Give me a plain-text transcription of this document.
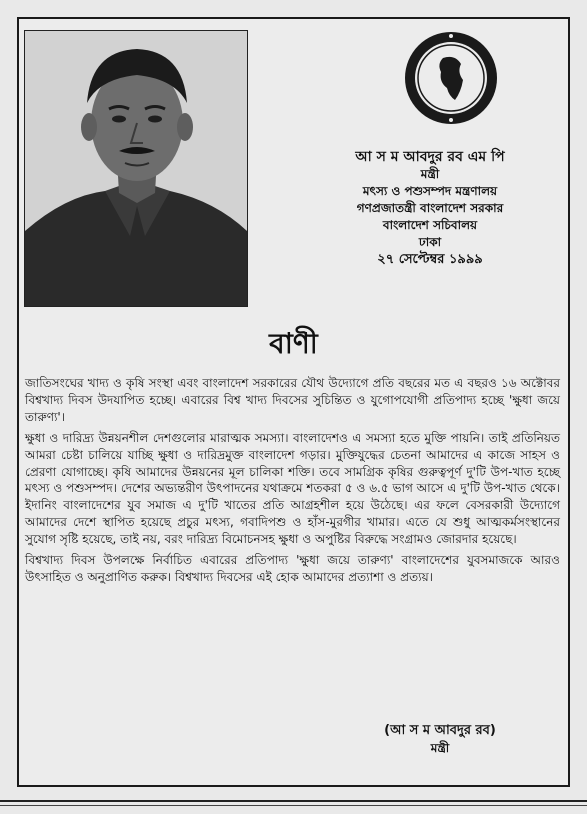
আ স ম আবদুর রব এম পি

মন্ত্রী

মৎস্য ও পশুসম্পদ মন্ত্রণালয়

গণপ্রজাতন্ত্রী বাংলাদেশ সরকার

বাংলাদেশ সচিবালয়

ঢাকা

২৭ সেপ্টেম্বর ১৯৯৯

বাণী

জাতিসংঘের খাদ্য ও কৃষি সংস্থা এবং বাংলাদেশ সরকারের যৌথ উদ্যোগে প্রতি বছরের মত এ বছরও ১৬ অক্টোবর বিশ্বখাদ্য দিবস উদযাপিত হচ্ছে। এবারের বিশ্ব খাদ্য দিবসের সুচিন্তিত ও যুগোপযোগী প্রতিপাদ্য হচ্ছে 'ক্ষুধা জয়ে তারুণ্য'।

ক্ষুধা ও দারিদ্র্য উন্নয়নশীল দেশগুলোর মারাত্মক সমস্যা। বাংলাদেশও এ সমস্যা হতে মুক্তি পায়নি। তাই প্রতিনিয়ত আমরা চেষ্টা চালিয়ে যাচ্ছি ক্ষুধা ও দারিদ্রমুক্ত বাংলাদেশ গড়ার। মুক্তিযুদ্ধের চেতনা আমাদের এ কাজে সাহস ও প্রেরণা যোগাচ্ছে। কৃষি আমাদের উন্নয়নের মূল চালিকা শক্তি। তবে সামগ্রিক কৃষির গুরুত্বপূর্ণ দু'টি উপ-খাত হচ্ছে মৎস্য ও পশুসম্পদ। দেশের অভ্যন্তরীণ উৎপাদনের যথাক্রমে শতকরা ৫ ও ৬.৫ ভাগ আসে এ দু'টি উপ-খাত থেকে। ইদানিং বাংলাদেশের যুব সমাজ এ দু'টি খাতের প্রতি আগ্রহশীল হয়ে উঠেছে। এর ফলে বেসরকারী উদ্যোগে আমাদের দেশে স্থাপিত হয়েছে প্রচুর মৎস্য, গবাদিপশু ও হাঁস-মুরগীর খামার। এতে যে শুধু আত্মকর্মসংস্থানের সুযোগ সৃষ্টি হয়েছে, তাই নয়, বরং দারিদ্র্য বিমোচনসহ ক্ষুধা ও অপুষ্টির বিরুদ্ধে সংগ্রামও জোরদার হয়েছে।

বিশ্বখাদ্য দিবস উপলক্ষে নির্বাচিত এবারের প্রতিপাদ্য 'ক্ষুধা জয়ে তারুণ্য' বাংলাদেশের যুবসমাজকে আরও উৎসাহিত ও অনুপ্রাণিত করুক। বিশ্বখাদ্য দিবসের এই হোক আমাদের প্রত্যাশা ও প্রত্যয়।

(আ স ম আবদুর রব)

মন্ত্রী
